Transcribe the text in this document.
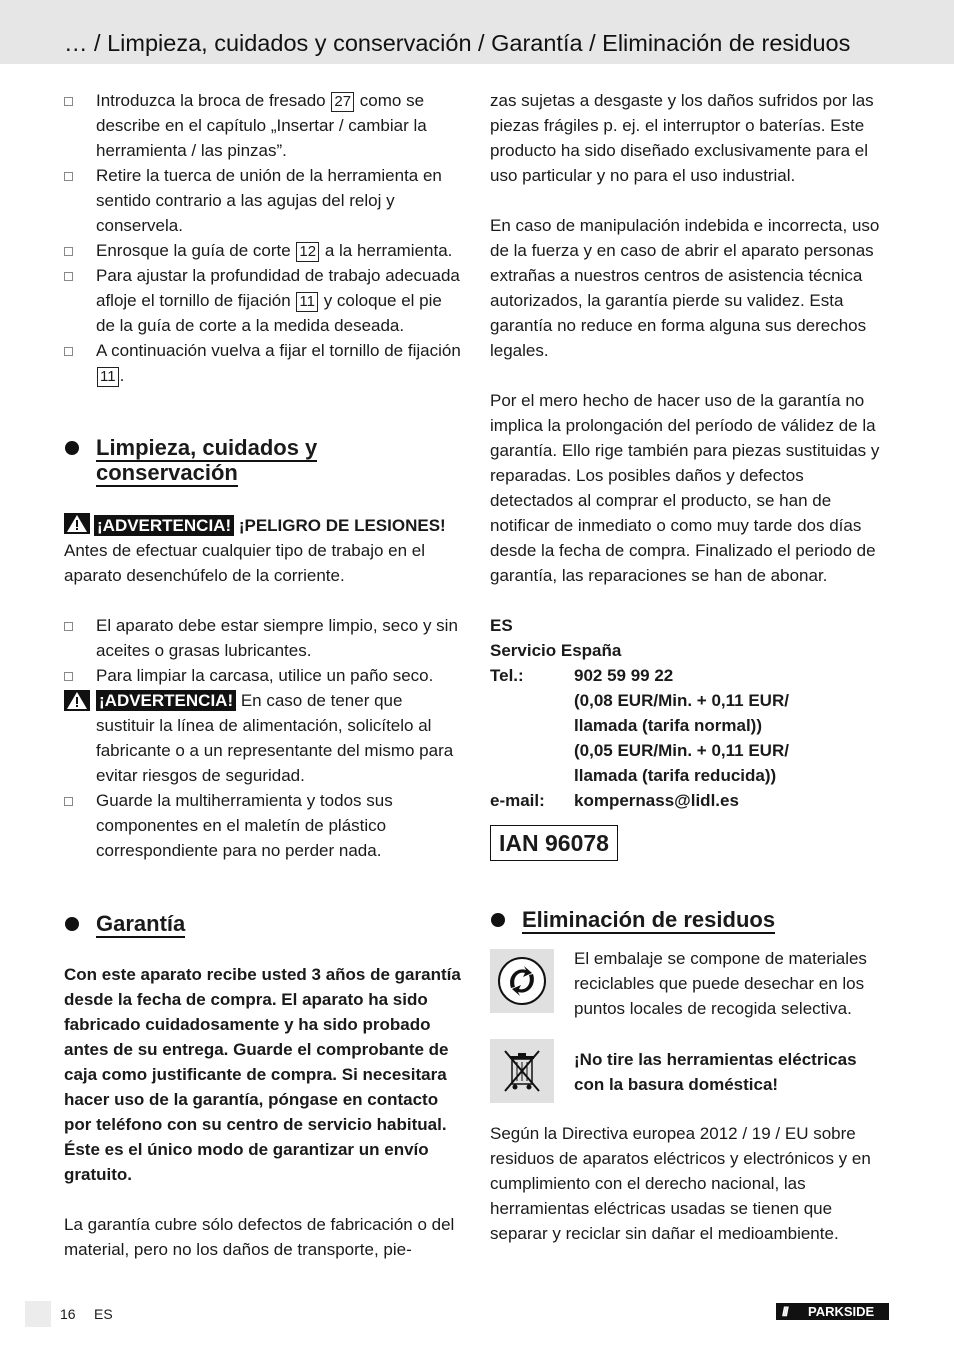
… / Limpieza, cuidados y conservación / Garantía / Eliminación de residuos
Introduzca la broca de fresado 27 como se describe en el capítulo „Insertar / cambiar la herramienta / las pinzas”.
Retire la tuerca de unión de la herramienta en sentido contrario a las agujas del reloj y conservela.
Enrosque la guía de corte 12 a la herramienta.
Para ajustar la profundidad de trabajo adecuada afloje el tornillo de fijación 11 y coloque el pie de la guía de corte a la medida deseada.
A continuación vuelva a fijar el tornillo de fijación 11 .
Limpieza, cuidados y
conservación
¡ADVERTENCIA! ¡PELIGRO DE LESIONES!

Antes de efectuar cualquier tipo de trabajo en el aparato desenchúfelo de la corriente.

El aparato debe estar siempre limpio, seco y sin aceites o grasas lubricantes.
Para limpiar la carcasa, utilice un paño seco.
¡ADVERTENCIA! En caso de tener que sustituir la línea de alimentación, solicítelo al fabricante o a un representante del mismo para evitar riesgos de seguridad.
Guarde la multiherramienta y todos sus componentes en el maletín de plástico correspondiente para no perder nada.
Garantía

Con este aparato recibe usted 3 años de garantía desde la fecha de compra. El aparato ha sido fabricado cuidadosamente y ha sido probado antes de su entrega. Guarde el comprobante de caja como justificante de compra. Si necesitara hacer uso de la garantía, póngase en contacto por teléfono con su centro de servicio habitual. Éste es el único modo de garantizar un envío gratuito.

La garantía cubre sólo defectos de fabricación o del material, pero no los daños de transporte, pie-

zas sujetas a desgaste y los daños sufridos por las piezas frágiles p. ej. el interruptor o baterías. Este producto ha sido diseñado exclusivamente para el uso particular y no para el uso industrial.

En caso de manipulación indebida e incorrecta, uso de la fuerza y en caso de abrir el aparato personas extrañas a nuestros centros de asistencia técnica autorizados, la garantía pierde su validez. Esta garantía no reduce en forma alguna sus derechos legales.

Por el mero hecho de hacer uso de la garantía no implica la prolongación del período de válidez de la garantía. Ello rige también para piezas sustituidas y reparadas. Los posibles daños y defectos detectados al comprar el producto, se han de notificar de inmediato o como muy tarde dos días desde la fecha de compra. Finalizado el periodo de garantía, las reparaciones se han de abonar.

ES
Servicio España
Tel.:	902 59 99 22
(0,08 EUR/Min. + 0,11 EUR/
llamada (tarifa normal))
(0,05 EUR/Min. + 0,11 EUR/
llamada (tarifa reducida))
e-mail:	kompernass@lidl.es
IAN 96078
Eliminación de residuos

El embalaje se compone de materiales reciclables que puede desechar en los puntos locales de recogida selectiva.

¡No tire las herramientas eléctricas con la basura doméstica!

Según la Directiva europea 2012 / 19 / EU sobre residuos de aparatos eléctricos y electrónicos y en cumplimiento con el derecho nacional, las herramientas eléctricas usadas se tienen que separar y reciclar sin dañar el medioambiente.

16 ES	/// PARKSIDE
